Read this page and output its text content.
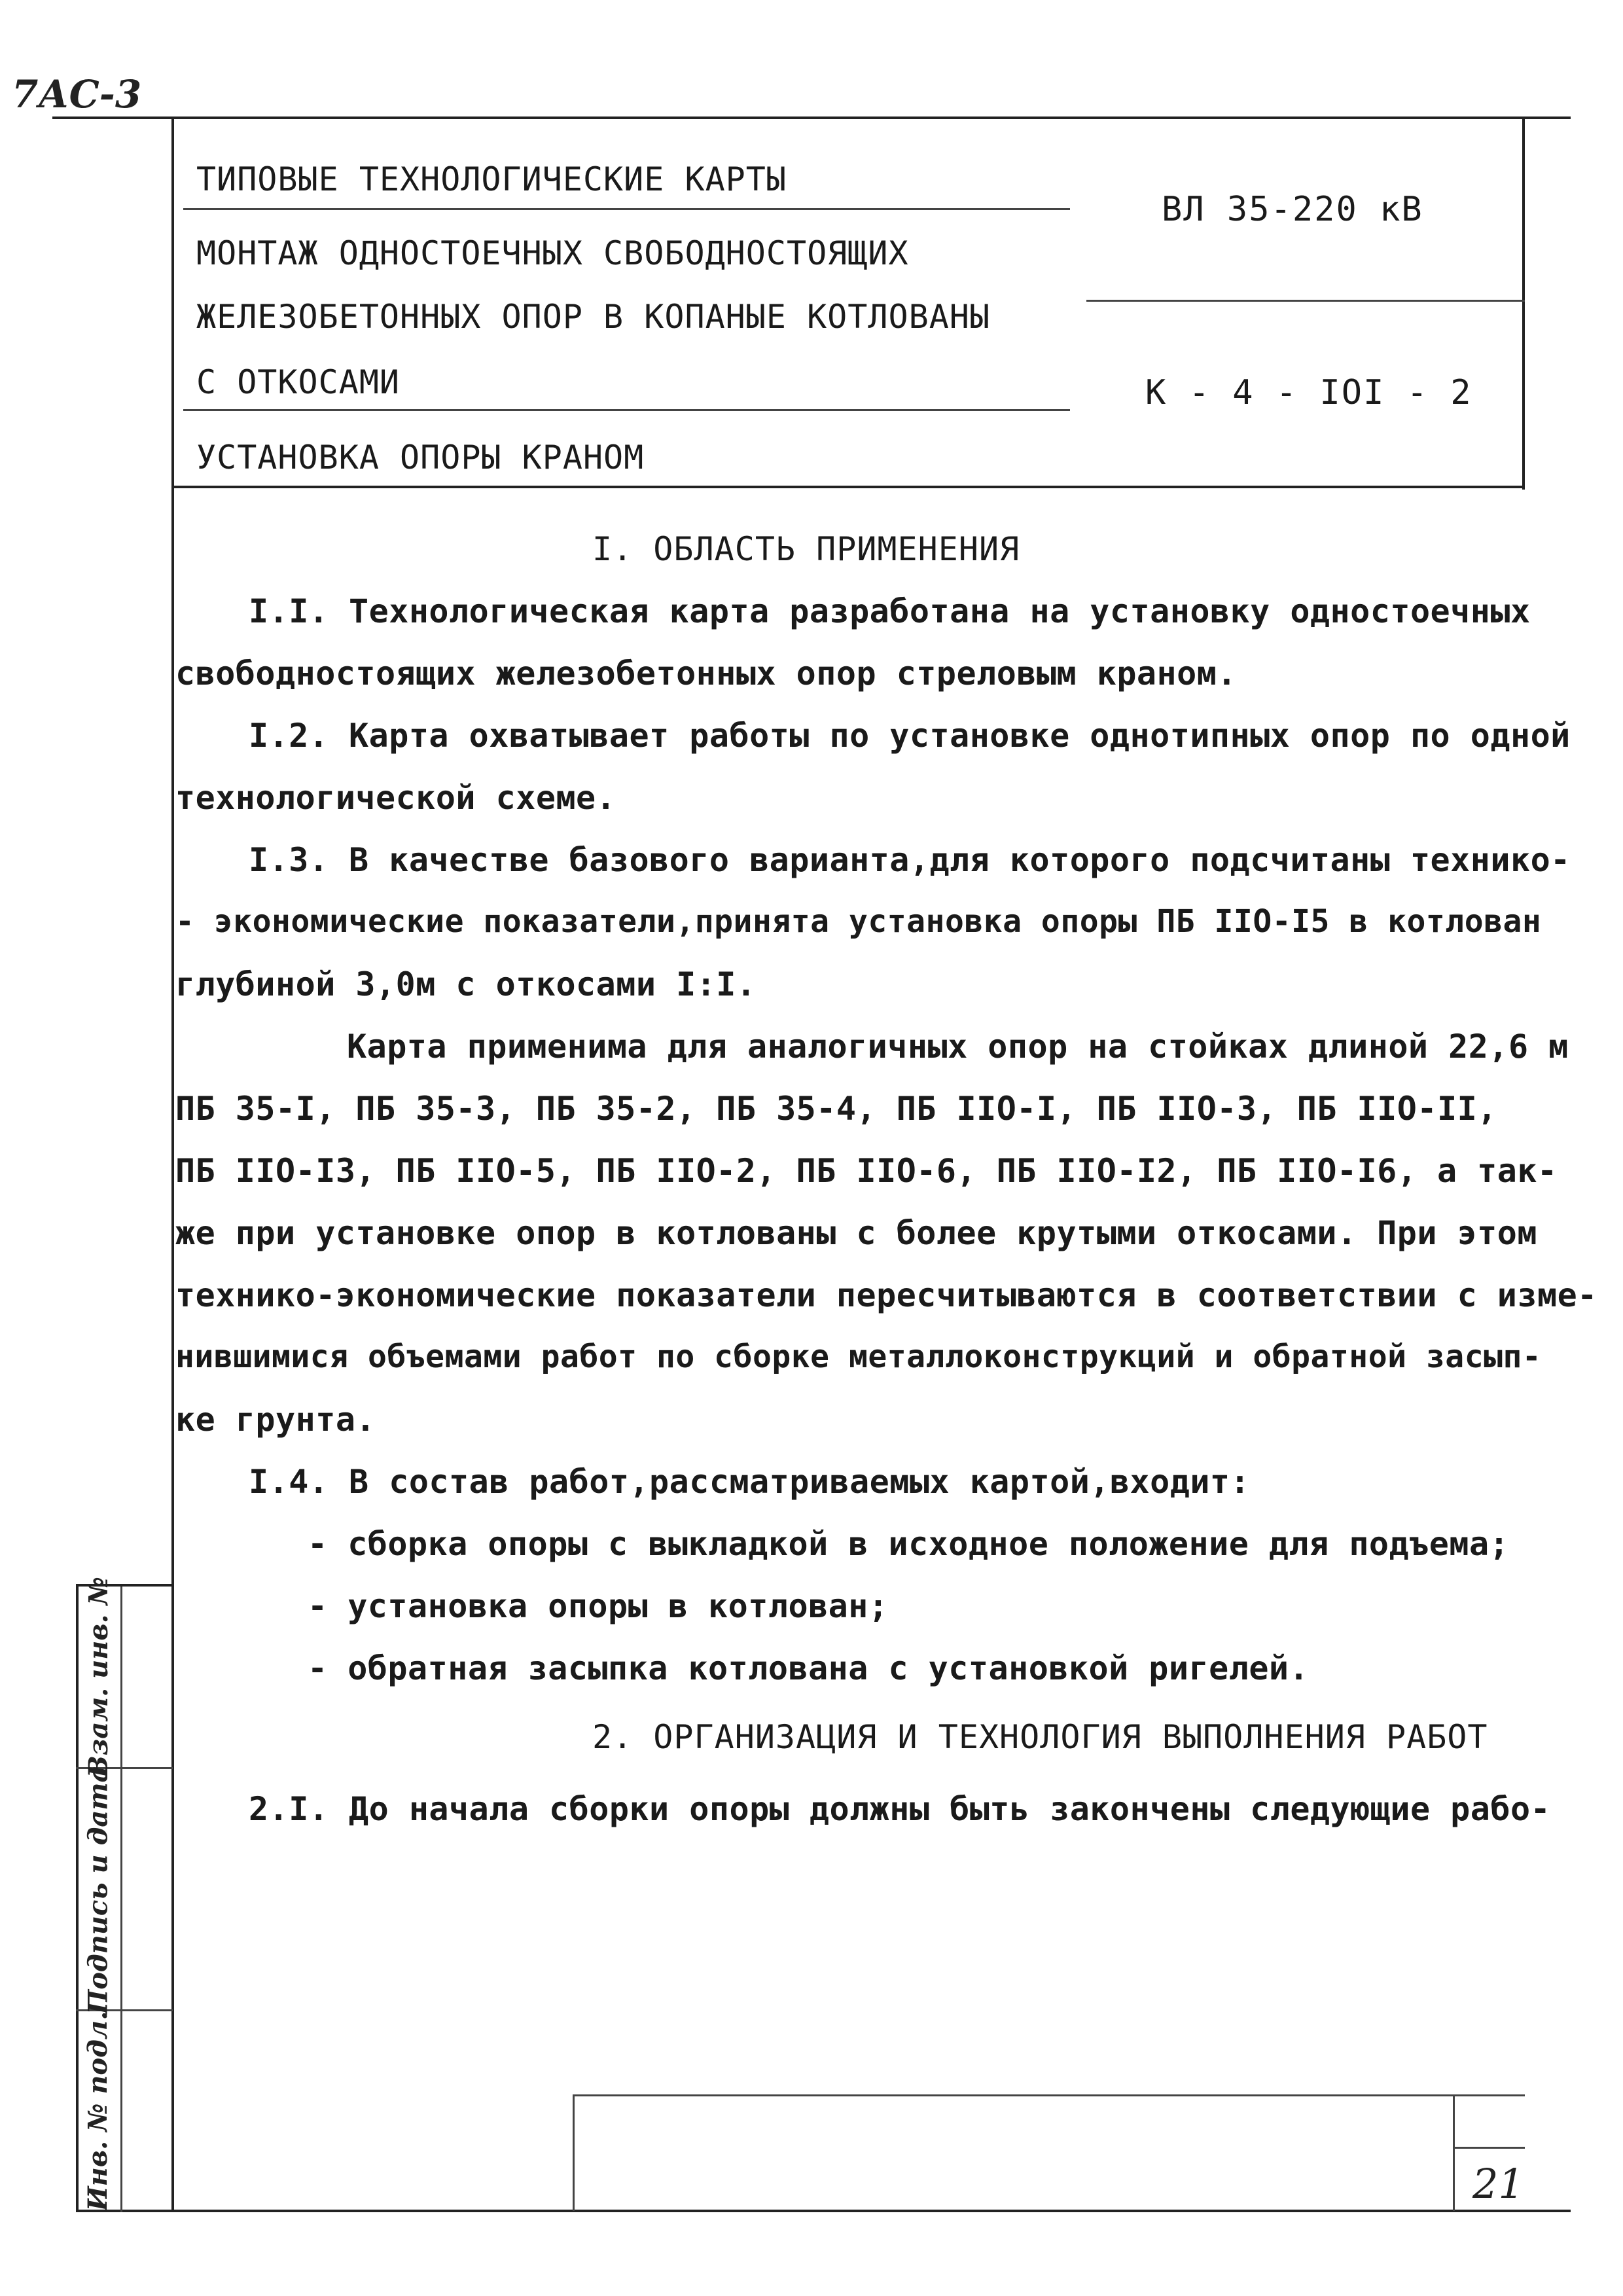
7АС-3
ТИПОВЫЕ ТЕХНОЛОГИЧЕСКИЕ КАРТЫ
МОНТАЖ ОДНОСТОЕЧНЫХ СВОБОДНОСТОЯЩИХ
ЖЕЛЕЗОБЕТОННЫХ ОПОР В КОПАНЫЕ КОТЛОВАНЫ
С ОТКОСАМИ
УСТАНОВКА ОПОРЫ КРАНОМ
ВЛ 35-220 кВ
К - 4 - IOI - 2
I. ОБЛАСТЬ ПРИМЕНЕНИЯ
I.I. Технологическая карта разработана на установку одностоечных
свободностоящих железобетонных опор стреловым краном.
I.2. Карта охватывает работы по установке однотипных опор по одной
технологической схеме.
I.3. В качестве базового варианта,для которого подсчитаны технико-
- экономические показатели,принята установка опоры ПБ IIO-I5 в котлован
глубиной 3,0м с откосами I:I.
Карта применима для аналогичных опор на стойках длиной 22,6 м
ПБ 35-I, ПБ 35-3, ПБ 35-2, ПБ 35-4, ПБ IIO-I, ПБ IIO-3, ПБ IIO-II,
ПБ IIO-I3, ПБ IIO-5, ПБ IIO-2, ПБ IIO-6, ПБ IIO-I2, ПБ IIO-I6, а так-
же при установке опор в котлованы с более крутыми откосами. При этом
технико-экономические показатели пересчитываются в соответствии с изме-
нившимися объемами работ по сборке металлоконструкций и обратной засып-
ке грунта.
I.4. В состав работ,рассматриваемых картой,входит:
- сборка опоры с выкладкой в исходное положение для подъема;
- установка опоры в котлован;
- обратная засыпка котлована с установкой ригелей.
2. ОРГАНИЗАЦИЯ И ТЕХНОЛОГИЯ ВЫПОЛНЕНИЯ РАБОТ
2.I. До начала сборки опоры должны быть закончены следующие рабо-
Взам. инв. №
Подпись и дата
Инв. № подл.	21
